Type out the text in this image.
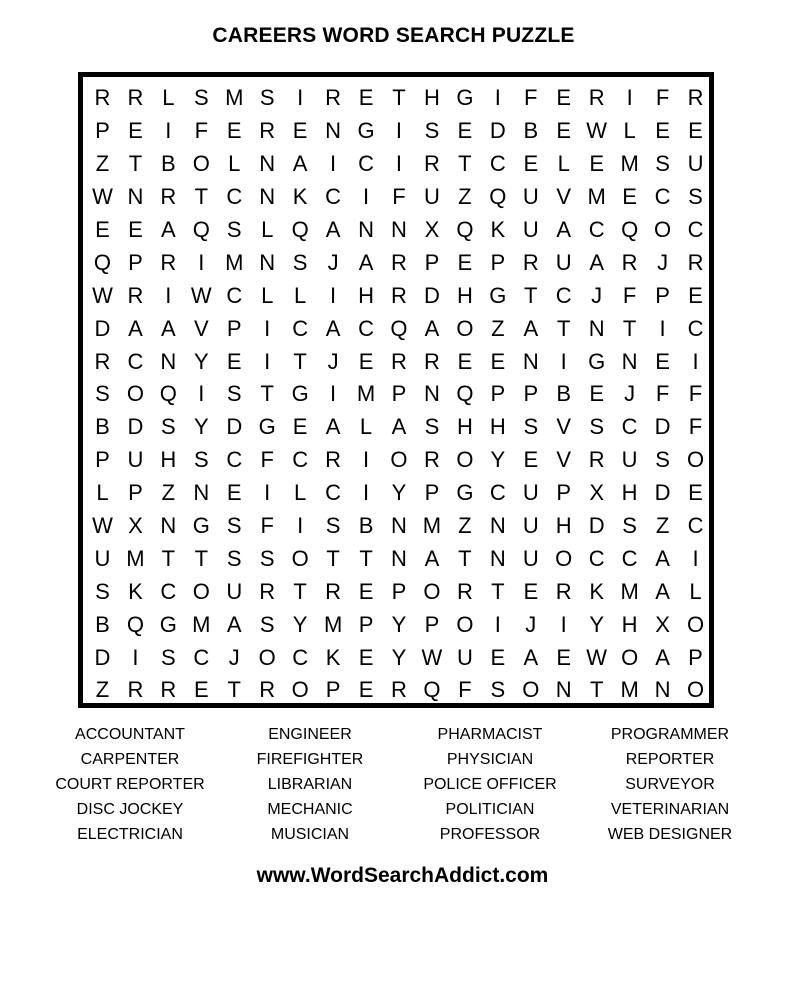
CAREERS WORD SEARCH PUZZLE
R R L S M S	I R E T H G I	F E R I	F R
P E	I	F E R E N G I	S E D B E W L E E
Z T B O L N A	I C I R T C E L E M S U
W N R T C N K C I	F U Z Q U V M E C S
E E A Q S L Q A N N X Q K U A C Q O C
Q P R I M N S J A R P E P R U A R J R
W R I W C L L	I H R D H G T C J F P E
D A A V P	I C A C Q A O Z A T N T	I C
R C N Y E	I	T J E R R E E N I G N E	I
S O Q I	S T G I M P N Q P P B E J F F
B D S Y D G E A L A S H H S V S C D F
P U H S C F C R I O R O Y E V R U S O
L P Z N E	I	L C I	Y P G C U P X H D E
W X N G S F	I	S B N M Z N U H D S Z C
U M T T S S O T T N A T N U O C C A	I
S K C O U R T R E P O R T E R K M A L
B Q G M A S Y M P Y P O I	J	I	Y H X O
D I	S C J O C K E Y W U E A E W O A P
Z R R E T R O P E R Q F S O N T M N O
ACCOUNTANT
CARPENTER
COURT REPORTER
DISC JOCKEY
ELECTRICIAN
ENGINEER
FIREFIGHTER
LIBRARIAN
MECHANIC
MUSICIAN
PHARMACIST
PHYSICIAN
POLICE OFFICER
POLITICIAN
PROFESSOR
PROGRAMMER
REPORTER
SURVEYOR
VETERINARIAN
WEB DESIGNER
www.WordSearchAddict.com
